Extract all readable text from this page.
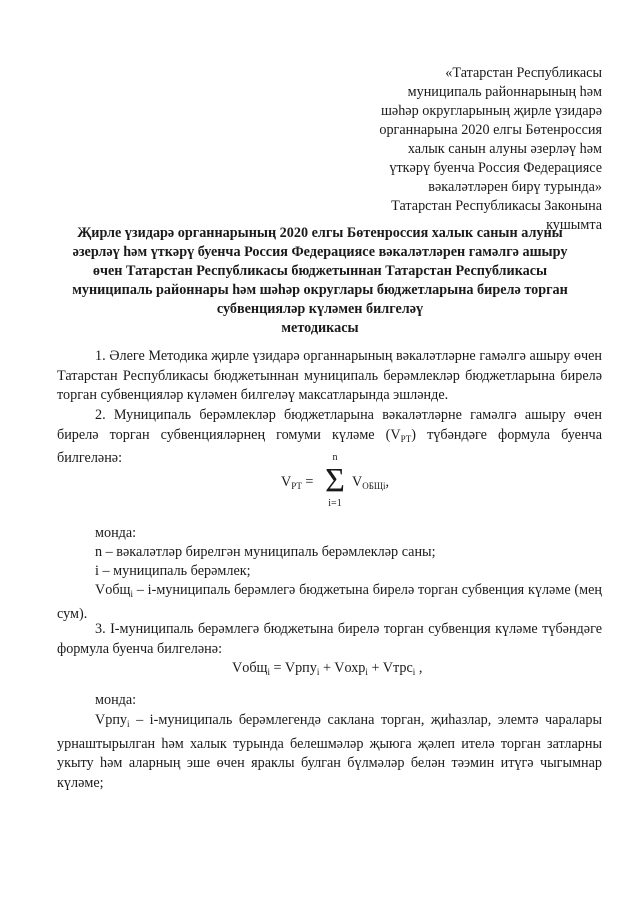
«Татарстан Республикасы
муниципаль районнарының һәм
шәһәр округларының җирле үзидарә
органнарына 2020 елгы Бөтенроссия
халык санын алуны әзерләү һәм
үткәрү буенча Россия Федерациясе
вәкаләтләрен бирү турында»
Татарстан Республикасы Законына
кушымта
Җирле үзидарә органнарының 2020 елгы Бөтенроссия халык санын алуны
әзерләү һәм үткәрү буенча Россия Федерациясе вәкаләтләрен гамәлгә ашыру
өчен Татарстан Республикасы бюджетыннан Татарстан Республикасы
муниципаль районнары һәм шәһәр округлары бюджетларына бирелә торган
субвенцияләр күләмен билгеләү
методикасы
1. Әлеге Методика җирле үзидарә органнарының вәкаләтләрне гамәлгә ашыру өчен Татарстан Республикасы бюджетыннан муниципаль берәмлекләр бюджетларына бирелә торган субвенцияләр күләмен билгеләү максатларында эшләнде.
2. Муниципаль берәмлекләр бюджетларына вәкаләтләрне гамәлгә ашыру өчен бирелә торган субвенцияләрнең гомуми күләме $(V_{РТ})$ түбәндәге формула буенча билгеләнә:
$V_{РТ}$ =
n
Σ
i=1
$V_{ОБЩi}$,
монда:
n – вәкаләтләр бирелгән муниципаль берәмлекләр саны;
i – муниципаль берәмлек;
Vобщ$_i$ – i-муниципаль берәмлегә бюджетына бирелә торган субвенция күләме (мең сум).
3. I-муниципаль берәмлегә бюджетына бирелә торган субвенция күләме түбәндәге формула буенча билгеләнә:
Vобщ$_i$ = Vрпу$_i$ + Vохр$_i$ + Vтрс$_i$ ,
монда:
Vрпу$_i$ – i-муниципаль берәмлегендә саклана торган, җиһазлар, элемтә чаралары урнаштырылган һәм халык турында белешмәләр җыюга җәлеп ителә торган затларны укыту һәм аларның эше өчен яраклы булган бүлмәләр белән тәэмин итүгә чыгымнар күләме;
